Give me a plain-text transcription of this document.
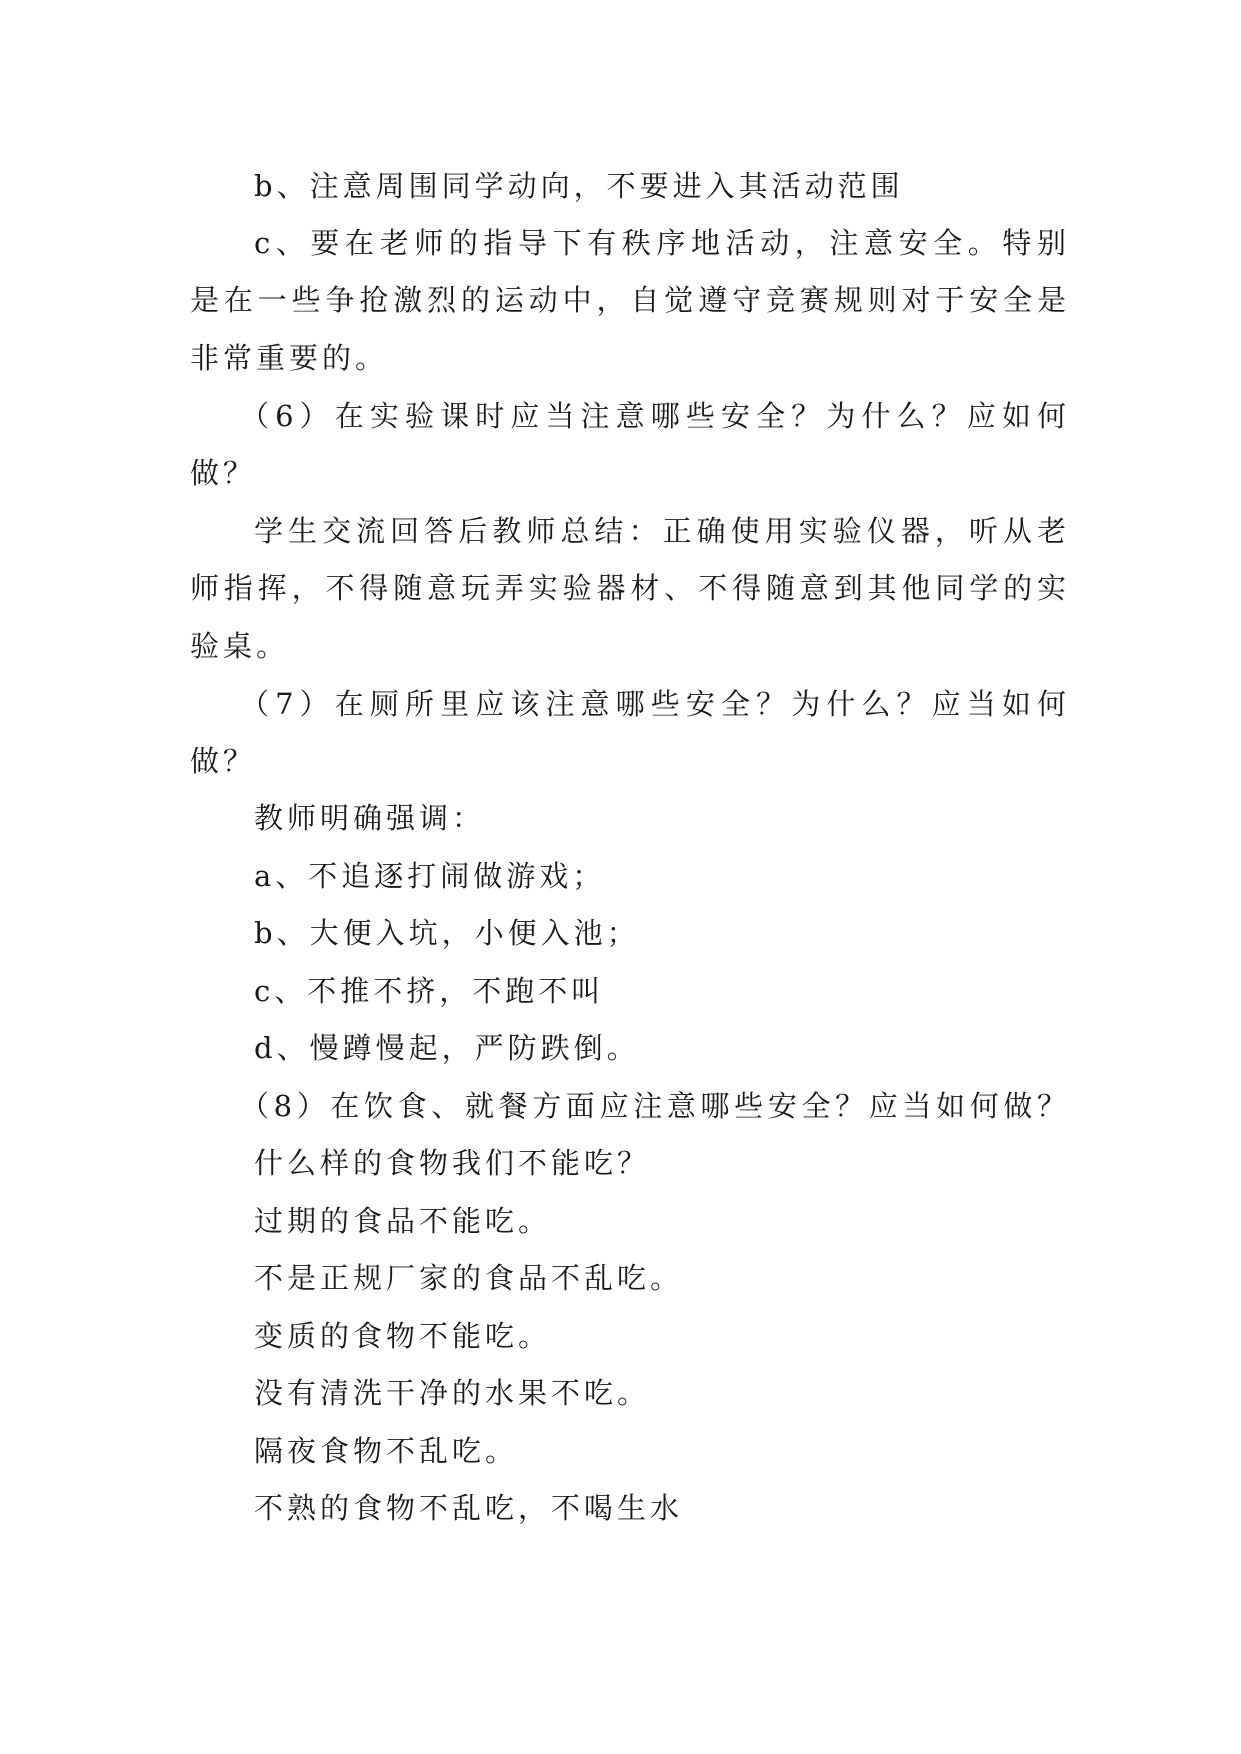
b、注意周围同学动向，不要进入其活动范围

c、要在老师的指导下有秩序地活动，注意安全。特别

是在一些争抢激烈的运动中，自觉遵守竞赛规则对于安全是

非常重要的。

（6）在实验课时应当注意哪些安全？为什么？应如何

做？

学生交流回答后教师总结：正确使用实验仪器，听从老

师指挥，不得随意玩弄实验器材、不得随意到其他同学的实

验桌。

（7）在厕所里应该注意哪些安全？为什么？应当如何

做？

教师明确强调：

a、不追逐打闹做游戏；

b、大便入坑，小便入池；

c、不推不挤，不跑不叫

d、慢蹲慢起，严防跌倒。

（8）在饮食、就餐方面应注意哪些安全？应当如何做？

什么样的食物我们不能吃？

过期的食品不能吃。

不是正规厂家的食品不乱吃。

变质的食物不能吃。

没有清洗干净的水果不吃。

隔夜食物不乱吃。

不熟的食物不乱吃，不喝生水
